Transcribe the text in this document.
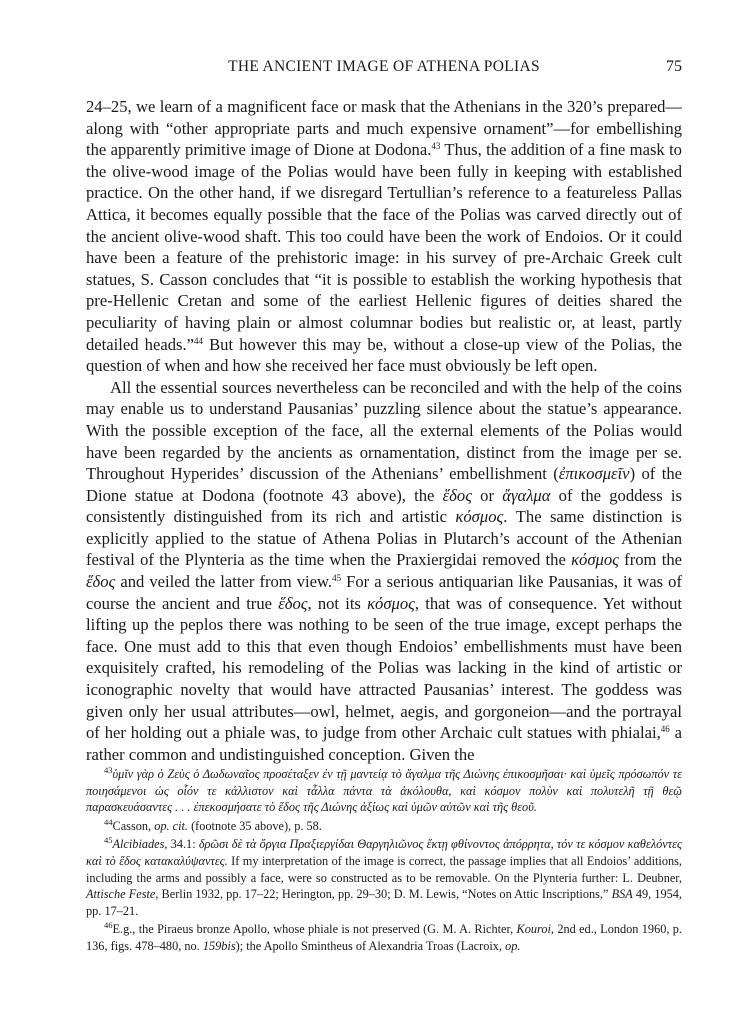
THE ANCIENT IMAGE OF ATHENA POLIAS	75

24–25, we learn of a magnificent face or mask that the Athenians in the 320’s prepared—along with “other appropriate parts and much expensive ornament”—for embellishing the apparently primitive image of Dione at Dodona.$^{43}$ Thus, the addition of a fine mask to the olive-wood image of the Polias would have been fully in keeping with established practice. On the other hand, if we disregard Tertullian’s reference to a featureless Pallas Attica, it becomes equally possible that the face of the Polias was carved directly out of the ancient olive-wood shaft. This too could have been the work of Endoios. Or it could have been a feature of the prehistoric image: in his survey of pre-Archaic Greek cult statues, S. Casson concludes that “it is possible to establish the working hypothesis that pre-Hellenic Cretan and some of the earliest Hellenic figures of deities shared the peculiarity of having plain or almost columnar bodies but realistic or, at least, partly detailed heads.”$^{44}$ But however this may be, without a close-up view of the Polias, the question of when and how she received her face must obviously be left open.

All the essential sources nevertheless can be reconciled and with the help of the coins may enable us to understand Pausanias’ puzzling silence about the statue’s appearance. With the possible exception of the face, all the external elements of the Polias would have been regarded by the ancients as ornamentation, distinct from the image per se. Throughout Hyperides’ discussion of the Athenians’ embellishment (ἐπικοσμεῖν) of the Dione statue at Dodona (footnote 43 above), the ἕδος or ἄγαλμα of the goddess is consistently distinguished from its rich and artistic κόσμος. The same distinction is explicitly applied to the statue of Athena Polias in Plutarch’s account of the Athenian festival of the Plynteria as the time when the Praxiergidai removed the κόσμος from the ἕδος and veiled the latter from view.$^{45}$ For a serious antiquarian like Pausanias, it was of course the ancient and true ἕδος, not its κόσμος, that was of consequence. Yet without lifting up the peplos there was nothing to be seen of the true image, except perhaps the face. One must add to this that even though Endoios’ embellishments must have been exquisitely crafted, his remodeling of the Polias was lacking in the kind of artistic or iconographic novelty that would have attracted Pausanias’ interest. The goddess was given only her usual attributes—owl, helmet, aegis, and gorgoneion—and the portrayal of her holding out a phiale was, to judge from other Archaic cult statues with phialai,$^{46}$ a rather common and undistinguished conception. Given the

$^{43}$ὑμῖν γὰρ ὁ Ζεὺς ὁ Δωδωναῖος προσέταξεν ἐν τῇ μαντείᾳ τὸ ἄγαλμα τῆς Διώνης ἐπικοσμῆσαι· καὶ ὑμεῖς πρόσωπόν τε ποιησάμενοι ὡς οἷόν τε κάλλιστον καὶ τἆλλα πάντα τὰ ἀκόλουθα, καὶ κόσμον πολὺν καὶ πολυτελῆ τῇ θεῷ παρασκευάσαντες . . . ἐπεκοσμήσατε τὸ ἕδος τῆς Διώνης ἀξίως καὶ ὑμῶν αὐτῶν καὶ τῆς θεοῦ.

$^{44}$Casson, op. cit. (footnote 35 above), p. 58.

$^{45}$Alcibiades, 34.1: δρῶσι δὲ τὰ ὄργια Πραξιεργίδαι Θαργηλιῶνος ἕκτῃ φθίνοντος ἀπόρρητα, τόν τε κόσμον καθελόντες καὶ τὸ ἕδος κατακαλύψαντες. If my interpretation of the image is correct, the passage implies that all Endoios’ additions, including the arms and possibly a face, were so constructed as to be removable. On the Plynteria further: L. Deubner, Attische Feste, Berlin 1932, pp. 17–22; Herington, pp. 29–30; D. M. Lewis, “Notes on Attic Inscriptions,” BSA 49, 1954, pp. 17–21.

$^{46}$E.g., the Piraeus bronze Apollo, whose phiale is not preserved (G. M. A. Richter, Kouroi, 2nd ed., London 1960, p. 136, figs. 478–480, no. 159bis); the Apollo Smintheus of Alexandria Troas (Lacroix, op.
